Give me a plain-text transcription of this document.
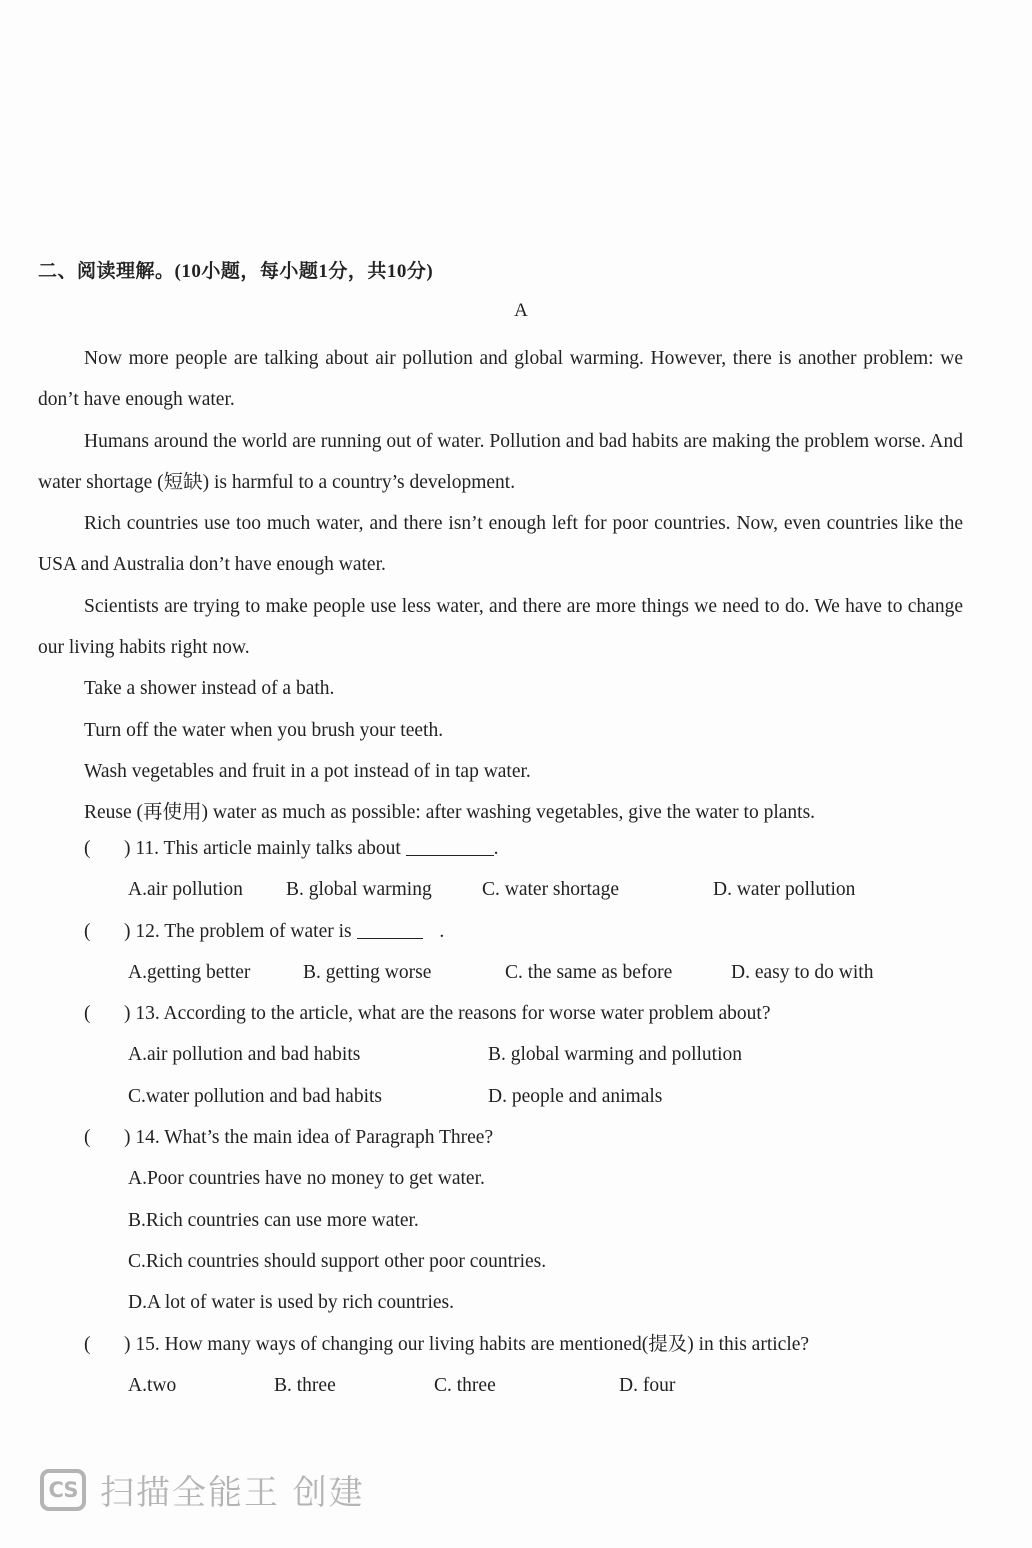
二、阅读理解。(10小题，每小题1分，共10分)
A

Now more people are talking about air pollution and global warming. However, there is another problem: we don’t have enough water.

Humans around the world are running out of water. Pollution and bad habits are making the problem worse. And water shortage (短缺) is harmful to a country’s development.

Rich countries use too much water, and there isn’t enough left for poor countries. Now, even countries like the USA and Australia don’t have enough water.

Scientists are trying to make people use less water, and there are more things we need to do. We have to change our living habits right now.

Take a shower instead of a bath.

Turn off the water when you brush your teeth.

Wash vegetables and fruit in a pot instead of in tap water.

Reuse (再使用) water as much as possible: after washing vegetables, give the water to plants.

( ) 11. This article mainly talks about	.
A.air pollution B. global warming	C. water shortage	D. water pollution
( ) 12. The problem of water is	.
A.getting better	B. getting worse	C. the same as before	D. easy to do with
( ) 13. According to the article, what are the reasons for worse water problem about?
A.air pollution and bad habits	B. global warming and pollution
C.water pollution and bad habits	D. people and animals
( ) 14. What’s the main idea of Paragraph Three?
A.Poor countries have no money to get water.
B.Rich countries can use more water.
C.Rich countries should support other poor countries.
D.A lot of water is used by rich countries.
( ) 15. How many ways of changing our living habits are mentioned(提及) in this article?
A.two	B. three	C. three	D. four
CS 扫描全能王 创建
